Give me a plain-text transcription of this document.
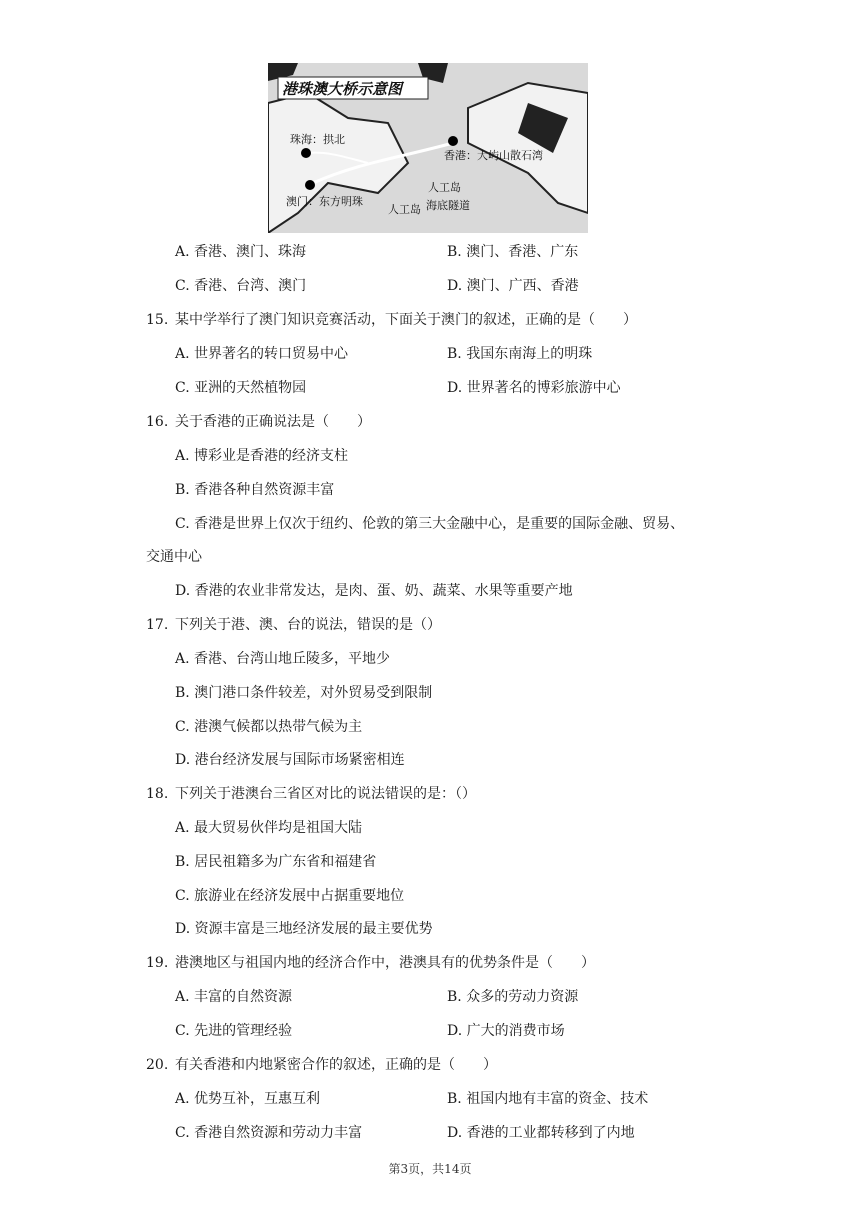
港珠澳大桥示意图
珠海：拱北
香港：大屿山散石湾
人工岛
澳门：东方明珠
人工岛 海底隧道
A. 香港、澳门、珠海	B. 澳门、香港、广东
C. 香港、台湾、澳门	D. 澳门、广西、香港
15. 某中学举行了澳门知识竞赛活动，下面关于澳门的叙述，正确的是（　　）
A. 世界著名的转口贸易中心	B. 我国东南海上的明珠
C. 亚洲的天然植物园	D. 世界著名的博彩旅游中心
16. 关于香港的正确说法是（　　）
A. 博彩业是香港的经济支柱
B. 香港各种自然资源丰富
C. 香港是世界上仅次于纽约、伦敦的第三大金融中心，是重要的国际金融、贸易、
交通中心
D. 香港的农业非常发达，是肉、蛋、奶、蔬菜、水果等重要产地
17. 下列关于港、澳、台的说法，错误的是（）
A. 香港、台湾山地丘陵多，平地少
B. 澳门港口条件较差，对外贸易受到限制
C. 港澳气候都以热带气候为主
D. 港台经济发展与国际市场紧密相连
18. 下列关于港澳台三省区对比的说法错误的是：（）
A. 最大贸易伙伴均是祖国大陆
B. 居民祖籍多为广东省和福建省
C. 旅游业在经济发展中占据重要地位
D. 资源丰富是三地经济发展的最主要优势
19. 港澳地区与祖国内地的经济合作中，港澳具有的优势条件是（　　）
A. 丰富的自然资源	B. 众多的劳动力资源
C. 先进的管理经验	D. 广大的消费市场
20. 有关香港和内地紧密合作的叙述，正确的是（　　）
A. 优势互补，互惠互利	B. 祖国内地有丰富的资金、技术
C. 香港自然资源和劳动力丰富	D. 香港的工业都转移到了内地
第3页，共14页
